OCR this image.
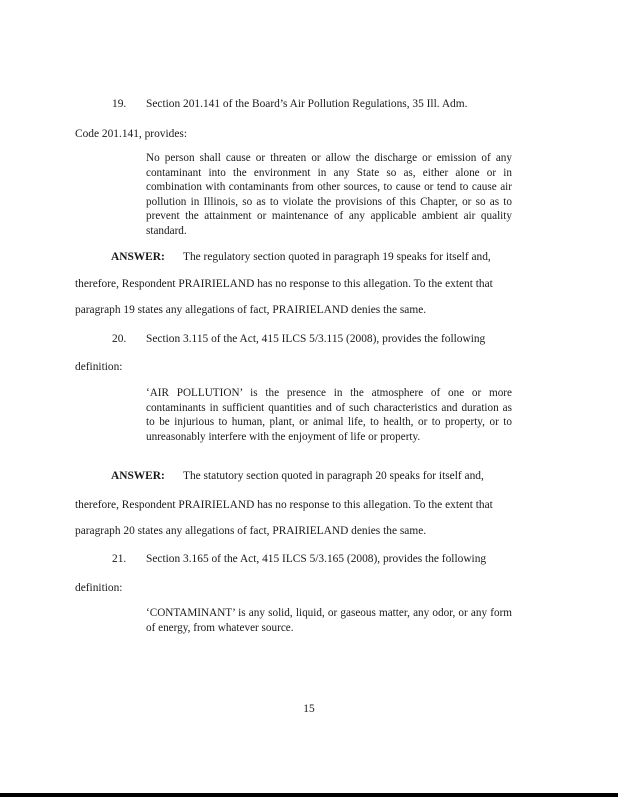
19. Section 201.141 of the Board’s Air Pollution Regulations, 35 Ill. Adm.
Code 201.141, provides:
No person shall cause or threaten or allow the discharge or emission of any contaminant into the environment in any State so as, either alone or in combination with contaminants from other sources, to cause or tend to cause air pollution in Illinois, so as to violate the provisions of this Chapter, or so as to prevent the attainment or maintenance of any applicable ambient air quality standard.
ANSWER: The regulatory section quoted in paragraph 19 speaks for itself and,
therefore, Respondent PRAIRIELAND has no response to this allegation. To the extent that
paragraph 19 states any allegations of fact, PRAIRIELAND denies the same.
20. Section 3.115 of the Act, 415 ILCS 5/3.115 (2008), provides the following
definition:
‘AIR POLLUTION’ is the presence in the atmosphere of one or more contaminants in sufficient quantities and of such characteristics and duration as to be injurious to human, plant, or animal life, to health, or to property, or to unreasonably interfere with the enjoyment of life or property.
ANSWER: The statutory section quoted in paragraph 20 speaks for itself and,
therefore, Respondent PRAIRIELAND has no response to this allegation. To the extent that
paragraph 20 states any allegations of fact, PRAIRIELAND denies the same.
21. Section 3.165 of the Act, 415 ILCS 5/3.165 (2008), provides the following
definition:
‘CONTAMINANT’ is any solid, liquid, or gaseous matter, any odor, or any form of energy, from whatever source.
15
